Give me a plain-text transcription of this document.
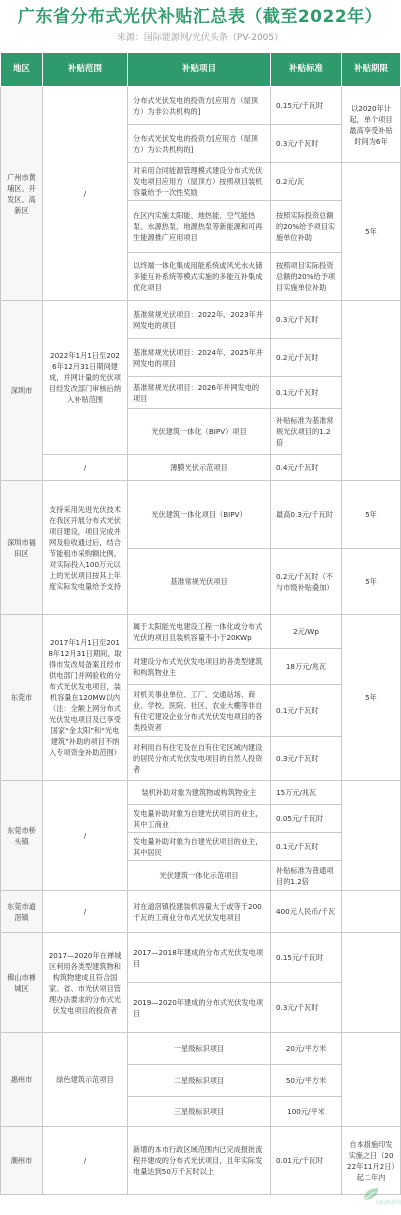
广东省分布式光伏补贴汇总表（截至2022年）
来源：国际能源网/光伏头条（PV-2005）
地区	补贴范围	补贴项目	补贴标准	补贴期限
广州市黄埔区、开发区、高新区	/	分布式光伏发电的投资方[应用方（屋顶方）为非公共机构的]	0.15元/千瓦时	以2020年计起，单个项目最高享受补贴时间为6年
		分布式光伏发电的投资方[应用方（屋顶方）为公共机构的]	0.3元/千瓦时	
		对采用合同能源管理模式建设分布式光伏发电项目应用方（屋顶方）按照项目装机容量给予一次性奖励	0.2元/瓦	5年
		在区内实施太阳能、地热能、空气能热泵、水源热泵、地源热泵等新能源和可再生能源推广应用项目	按照实际投资总额的20%给予项目实施单位补助	
		以终端一体化集成用能系统或风光水火储多能互补系统等模式实施的多能互补集成优化项目	按照项目实际投资总额的20%给予项目实施单位补助	
深圳市	2022年1月1日至2026年12月31日期间建成，并网计量的光伏项目经发改部门审核后纳入补贴范围	基准常规光伏项目：2022年、2023年并网发电的项目	0.3元/千瓦时	
		基准常规光伏项目：2024年、2025年并网发电的项目	0.2元/千瓦时	
		基准常规光伏项目：2026年并网发电的项目	0.1元/千瓦时	
		光伏建筑一体化（BIPV）项目	补贴标准为基准常规光伏项目的1.2倍	
	/	薄膜光伏示范项目	0.4元/千瓦时	
深圳市福田区	支持采用先进光伏技术在我区开展分布式光伏项目建设，项目完成并网及验收通过后，结合节能租市采购额比例，对实际投入100万元以上的光伏项目按其上年度实际发电量给予支持	光伏建筑一体化项目（BIPV）	最高0.3元/千瓦时	5年
		基准常规光伏项目	0.2元/千瓦时（不与市级补贴叠加）	5年
东莞市	2017年1月1日至2018年12月31日期间，取得市发改局备案且经市供电部门并网验收的分布式光伏发电项目，装机容量在120MW以内（注：全额上网分布式光伏发电项目及已享受国家“金太阳”和“光电建筑”补助的项目不纳入专项资金补助范围）	属于太阳能光电建设工程一体化或分布式光伏的项目且装机容量不小于20KWp	2元/Wp	5年
		对建设分布式光伏发电项目的各类型建筑和构筑物业主	18万元/兆瓦	
		对机关事业单位、工厂、交通站场、商业、学校、医院、社区、农业大棚等非自有住宅建设企业分布式光伏发电项目的各类投资者	0.1元/千瓦时	
		对利用自有住宅及在自有住宅区域内建设的居民分布式光伏发电项目的自然人投资者	0.3元/千瓦时	
东莞市桥头镇	/	装机补助对象为建筑物或构筑物业主	15万元/兆瓦	
		发电量补助对象为自建光伏项目的业主，其中工商业	0.05元/千瓦时	
		发电量补助对象为自建光伏项目的业主，其中居民	0.1元/千瓦时	
		光伏建筑一体化示范项目	补贴标准为普通项目的1.2倍	
东莞市道滘镇	/	对在道滘镇投建装机容量大于或等于200千瓦的工商业分布式光伏发电项目	400元人民币/千瓦	
佛山市禅城区	2017—2020年在禅城区利用各类型建筑物和构筑物建成且符合国家、省、市光伏项目管理办法要求的分布式光伏发电项目的投资者	2017—2018年建成的分布式光伏发电项目	0.15元/千瓦时	
		2019—2020年建成的分布式光伏发电项目	0.3元/千瓦时	
惠州市	绿色建筑示范项目	一星级标识项目	20元/平方米	
		二星级标识项目	50元/平方米	
		三星级标识项目	100元/平米	
潮州市	/	新增的本市行政区域范围内已完成报批流程并建成的分布式光伏项目，且年实际发电量达到50万千瓦时以上	0.01元/千瓦时	自本措施印发实施之日（2022年11月2日）起二年内
国际能源网
